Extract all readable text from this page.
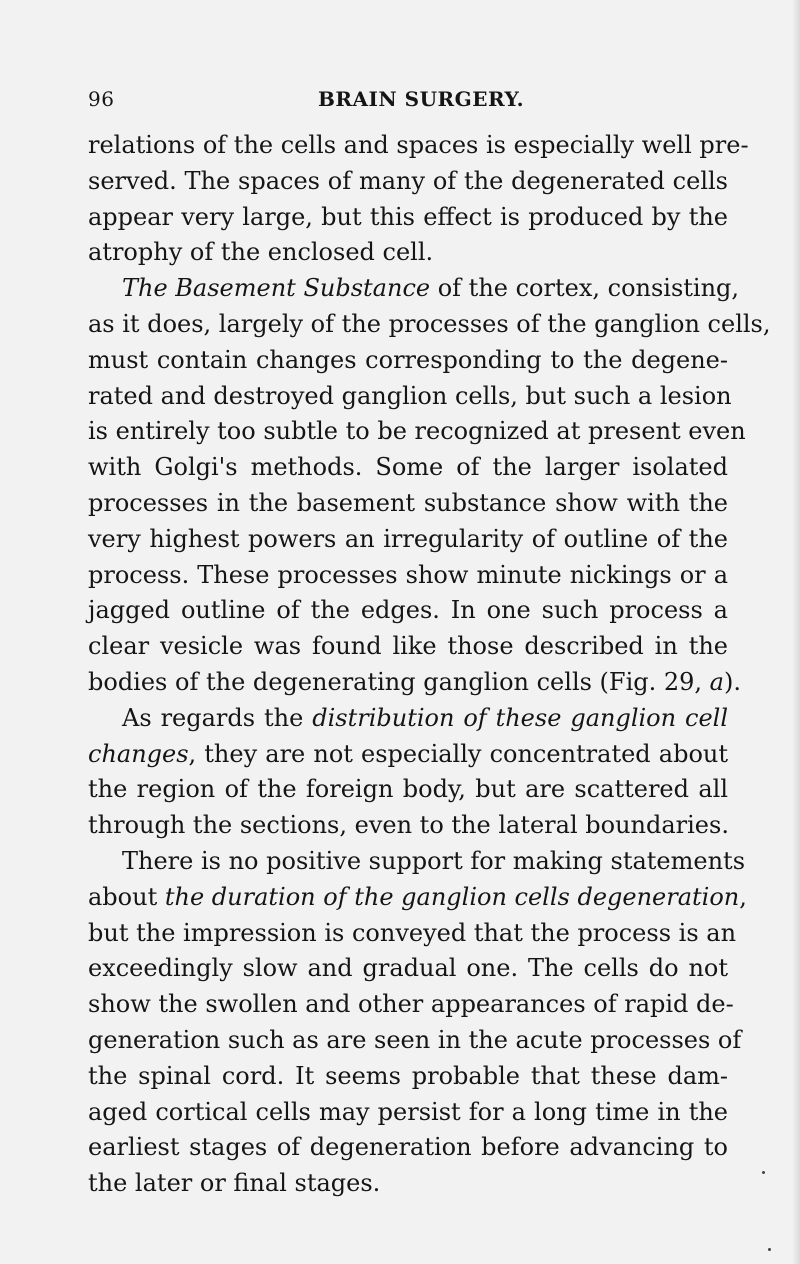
96	BRAIN SURGERY.
relations of the cells and spaces is especially well pre-
served. The spaces of many of the degenerated cells
appear very large, but this effect is produced by the
atrophy of the enclosed cell.
The Basement Substance of the cortex, consisting,
as it does, largely of the processes of the ganglion cells,
must contain changes corresponding to the degene-
rated and destroyed ganglion cells, but such a lesion
is entirely too subtle to be recognized at present even
with Golgi's methods. Some of the larger isolated
processes in the basement substance show with the
very highest powers an irregularity of outline of the
process. These processes show minute nickings or a
jagged outline of the edges. In one such process a
clear vesicle was found like those described in the
bodies of the degenerating ganglion cells (Fig. 29, a).
As regards the distribution of these ganglion cell
changes, they are not especially concentrated about
the region of the foreign body, but are scattered all
through the sections, even to the lateral boundaries.
There is no positive support for making statements
about the duration of the ganglion cells degeneration,
but the impression is conveyed that the process is an
exceedingly slow and gradual one. The cells do not
show the swollen and other appearances of rapid de-
generation such as are seen in the acute processes of
the spinal cord. It seems probable that these dam-
aged cortical cells may persist for a long time in the
earliest stages of degeneration before advancing to
the later or final stages.
